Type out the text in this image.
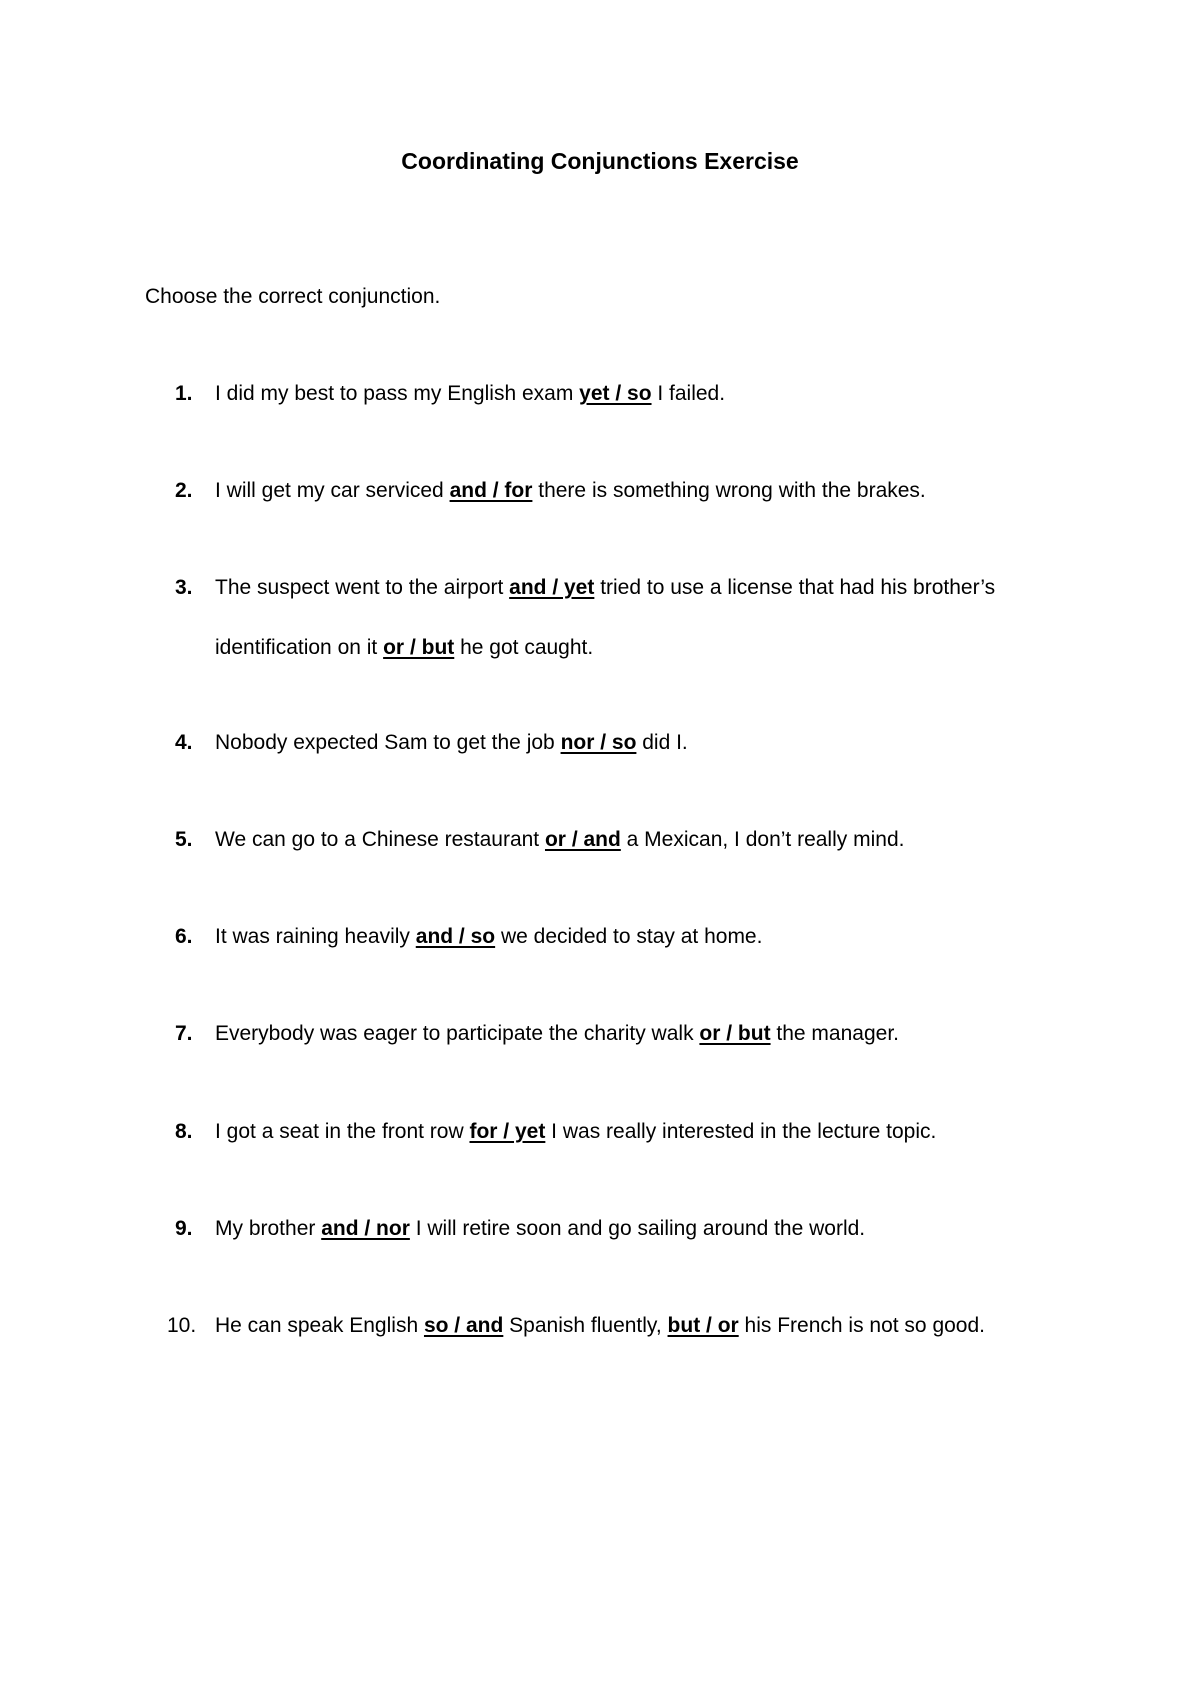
Coordinating Conjunctions Exercise
Choose the correct conjunction.
1. I did my best to pass my English exam yet / so I failed.
2. I will get my car serviced and / for there is something wrong with the brakes.
3. The suspect went to the airport and / yet tried to use a license that had his brother’s
identification on it or / but he got caught.
4. Nobody expected Sam to get the job nor / so did I.
5. We can go to a Chinese restaurant or / and a Mexican, I don’t really mind.
6. It was raining heavily and / so we decided to stay at home.
7. Everybody was eager to participate the charity walk or / but the manager.
8. I got a seat in the front row for / yet I was really interested in the lecture topic.
9. My brother and / nor I will retire soon and go sailing around the world.
10. He can speak English so / and Spanish fluently, but / or his French is not so good.
